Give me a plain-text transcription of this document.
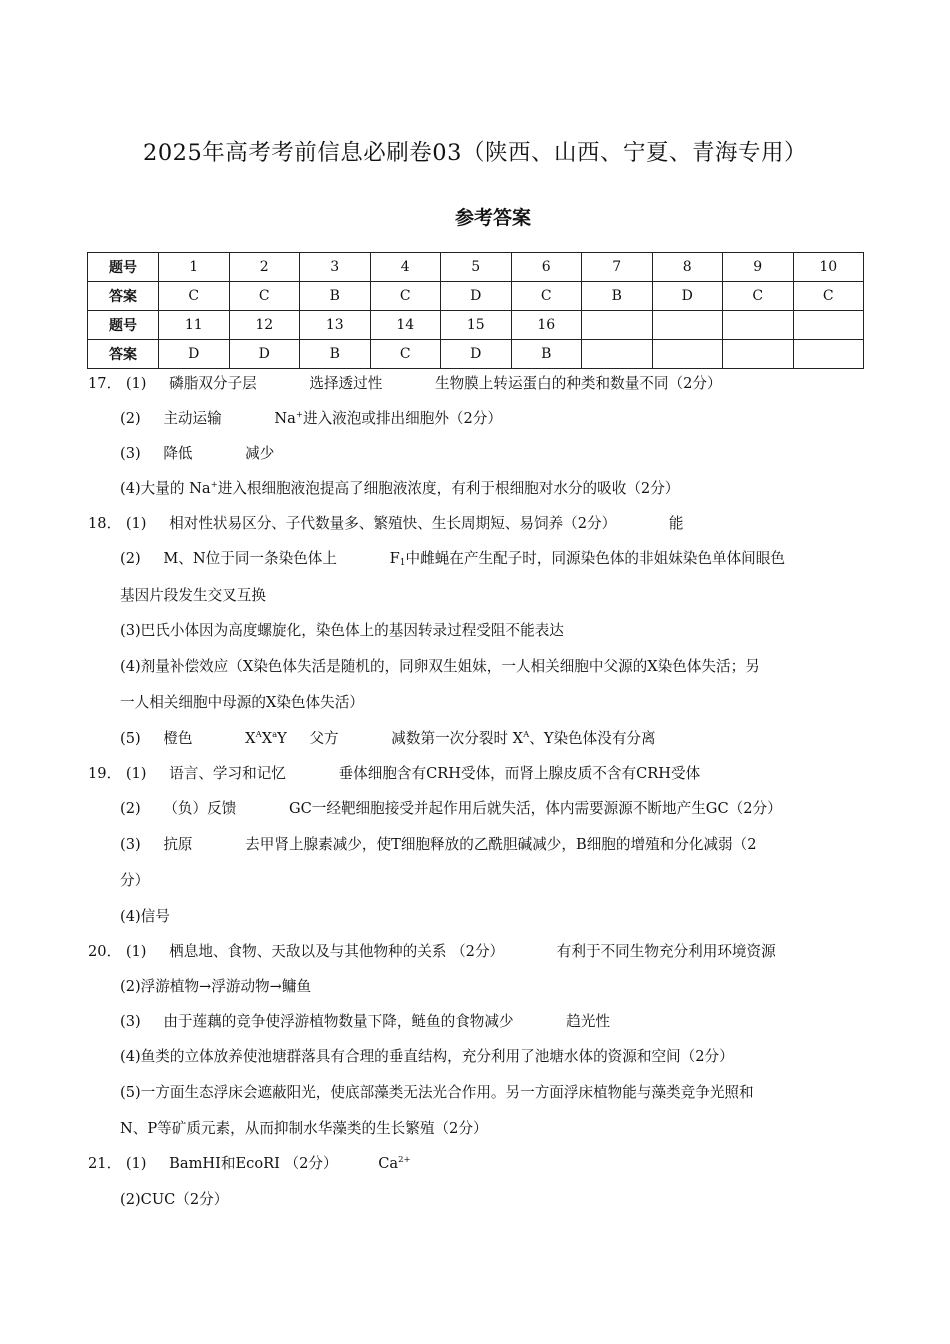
2025年高考考前信息必刷卷03（陕西、山西、宁夏、青海专用）
参考答案
题号	1	2	3	4	5	6	7	8	9	10
答案	C	C	B	C	D	C	B	D	C	C
题号	11	12	13	14	15	16				
答案	D	D	B	C	D	B				
17． (1) 磷脂双分子层	选择透过性	生物膜上转运蛋白的种类和数量不同（2分）
(2) 主动运输	Na+进入液泡或排出细胞外（2分）
(3) 降低	减少
(4)大量的 Na+进入根细胞液泡提高了细胞液浓度，有利于根细胞对水分的吸收（2分）
18． (1) 相对性状易区分、子代数量多、繁殖快、生长周期短、易饲养（2分）	能
(2) M、N位于同一条染色体上	$F_1$中雌蝇在产生配子时，同源染色体的非姐妹染色单体间眼色
基因片段发生交叉互换
(3)巴氏小体因为高度螺旋化，染色体上的基因转录过程受阻不能表达
(4)剂量补偿效应（X染色体失活是随机的，同卵双生姐妹，一人相关细胞中父源的X染色体失活；另
一人相关细胞中母源的X染色体失活）
(5) 橙色	$X^AX^aY$ 父方	减数第一次分裂时 $X^A$、Y染色体没有分离
19． (1) 语言、学习和记忆	垂体细胞含有CRH受体，而肾上腺皮质不含有CRH受体
(2) （负）反馈	GC一经靶细胞接受并起作用后就失活，体内需要源源不断地产生GC（2分）
(3) 抗原	去甲肾上腺素减少，使T细胞释放的乙酰胆碱减少，B细胞的增殖和分化减弱（2
分）
(4)信号
20． (1) 栖息地、食物、天敌以及与其他物种的关系 （2分）	有利于不同生物充分利用环境资源
(2)浮游植物→浮游动物→鳙鱼
(3) 由于莲藕的竞争使浮游植物数量下降，鲢鱼的食物减少	趋光性
(4)鱼类的立体放养使池塘群落具有合理的垂直结构，充分利用了池塘水体的资源和空间（2分）
(5)一方面生态浮床会遮蔽阳光，使底部藻类无法光合作用。另一方面浮床植物能与藻类竞争光照和
N、P等矿质元素，从而抑制水华藻类的生长繁殖（2分）
21． (1) BamHⅠ和EcoRⅠ （2分）	$Ca^{2+}$
(2)CUC（2分）
